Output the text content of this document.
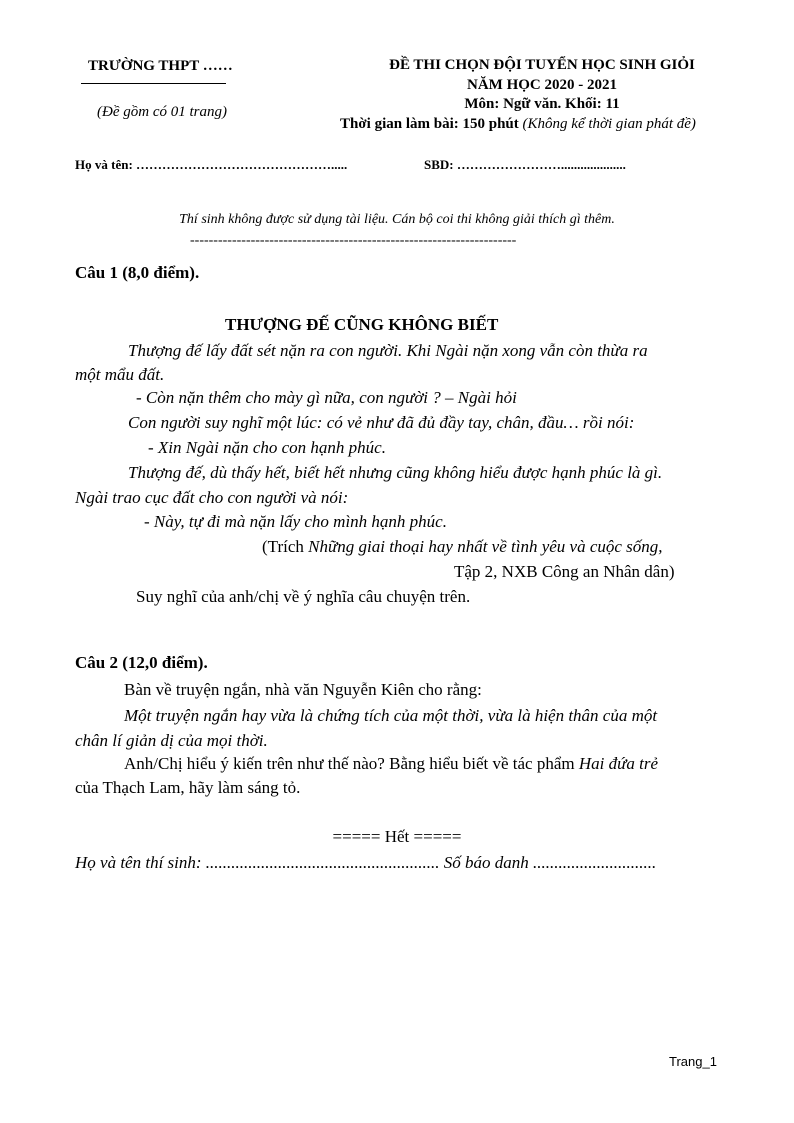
TRƯỜNG THPT ……
(Đề gồm có 01 trang)
ĐỀ THI CHỌN ĐỘI TUYỂN HỌC SINH GIỎI
NĂM HỌC 2020 - 2021
Môn: Ngữ văn. Khối: 11
Thời gian làm bài: 150 phút (Không kể thời gian phát đề)
Họ và tên: ……………………………………….....	SBD: ……………………....................
Thí sinh không được sử dụng tài liệu. Cán bộ coi thi không giải thích gì thêm.
----------------------------------------------------------------------
Câu 1 (8,0 điểm).
THƯỢNG ĐẾ CŨNG KHÔNG BIẾT
Thượng đế lấy đất sét nặn ra con người. Khi Ngài nặn xong vẫn còn thừa ra
một mẩu đất.
- Còn nặn thêm cho mày gì nữa, con người ? – Ngài hỏi
Con người suy nghĩ một lúc: có vẻ như đã đủ đầy tay, chân, đầu… rồi nói:
- Xin Ngài nặn cho con hạnh phúc.
Thượng đế, dù thấy hết, biết hết nhưng cũng không hiểu được hạnh phúc là gì.
Ngài trao cục đất cho con người và nói:
- Này, tự đi mà nặn lấy cho mình hạnh phúc.
(Trích Những giai thoại hay nhất về tình yêu và cuộc sống,
Tập 2, NXB Công an Nhân dân)
Suy nghĩ của anh/chị về ý nghĩa câu chuyện trên.
Câu 2 (12,0 điểm).
Bàn về truyện ngắn, nhà văn Nguyễn Kiên cho rằng:
Một truyện ngắn hay vừa là chứng tích của một thời, vừa là hiện thân của một
chân lí giản dị của mọi thời.
Anh/Chị hiểu ý kiến trên như thế nào? Bằng hiểu biết về tác phẩm Hai đứa trẻ
của Thạch Lam, hãy làm sáng tỏ.
===== Hết =====
Họ và tên thí sinh: ....................................................... Số báo danh .............................
Trang_1
